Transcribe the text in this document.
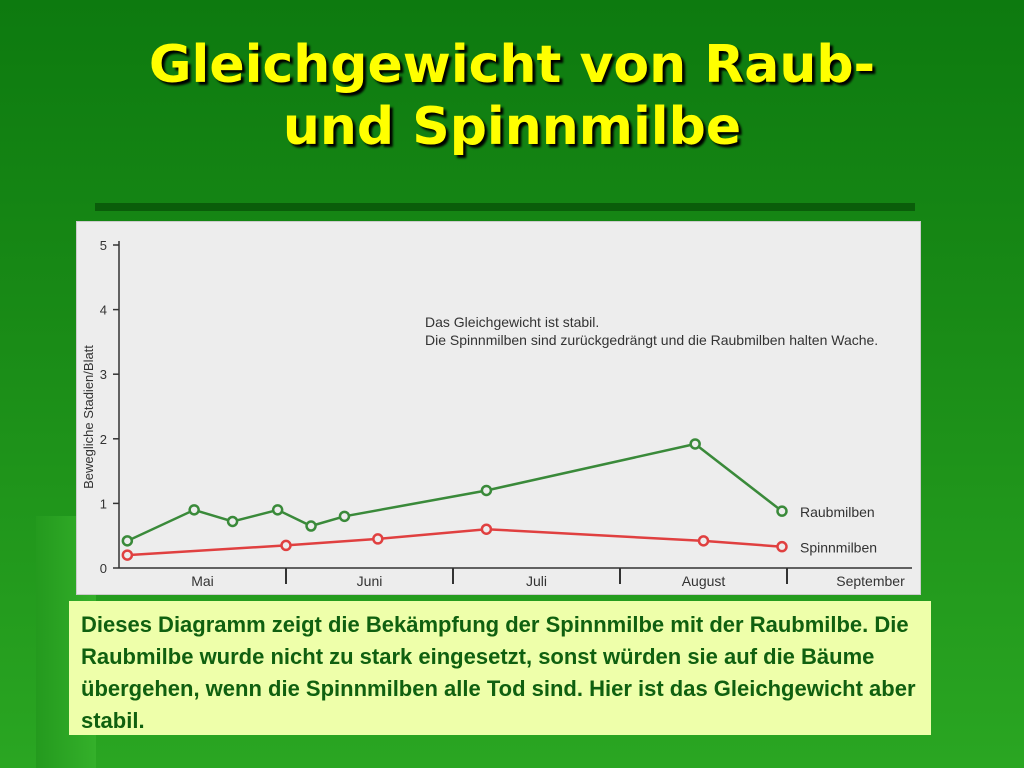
Gleichgewicht von Raub-
und Spinnmilbe
0
1
2
3
4
5
Bewegliche Stadien/Blatt
Mai	Juni	Juli	August	September
Das Gleichgewicht ist stabil.
Die Spinnmilben sind zurückgedrängt und die Raubmilben halten Wache.
Raubmilben
Spinnmilben

Dieses Diagramm zeigt die Bekämpfung der Spinnmilbe mit der Raubmilbe. Die Raubmilbe wurde nicht zu stark eingesetzt, sonst würden sie auf die Bäume übergehen, wenn die Spinnmilben alle Tod sind. Hier ist das Gleichgewicht aber stabil.
